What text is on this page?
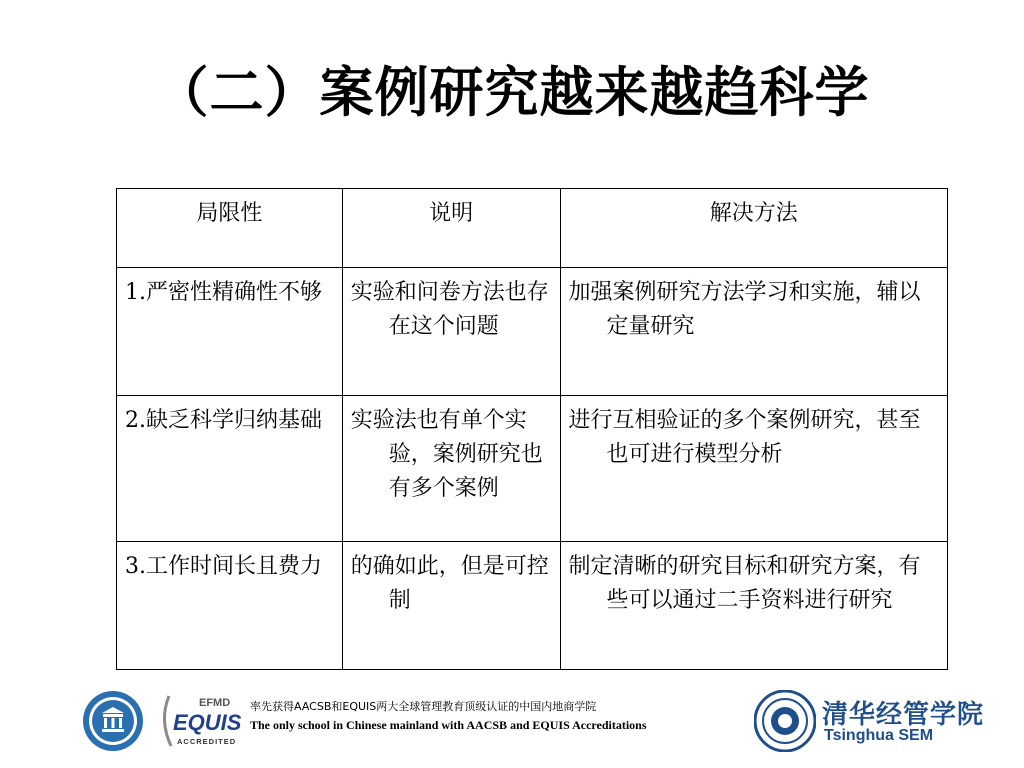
（二）案例研究越来越趋科学
局限性	说明	解决方法

1.严密性精确性不够	实验和问卷方法也存在这个问题	加强案例研究方法学习和实施，辅以定量研究

2.缺乏科学归纳基础	实验法也有单个实验，案例研究也有多个案例	进行互相验证的多个案例研究，甚至也可进行模型分析

3.工作时间长且费力	的确如此，但是可控制	制定清晰的研究目标和研究方案，有些可以通过二手资料进行研究
EFMD
EQUIS
ACCREDITED
率先获得AACSB和EQUIS两大全球管理教育顶级认证的中国内地商学院
The only school in Chinese mainland with AACSB and EQUIS Accreditations	清华经管学院
Tsinghua SEM
